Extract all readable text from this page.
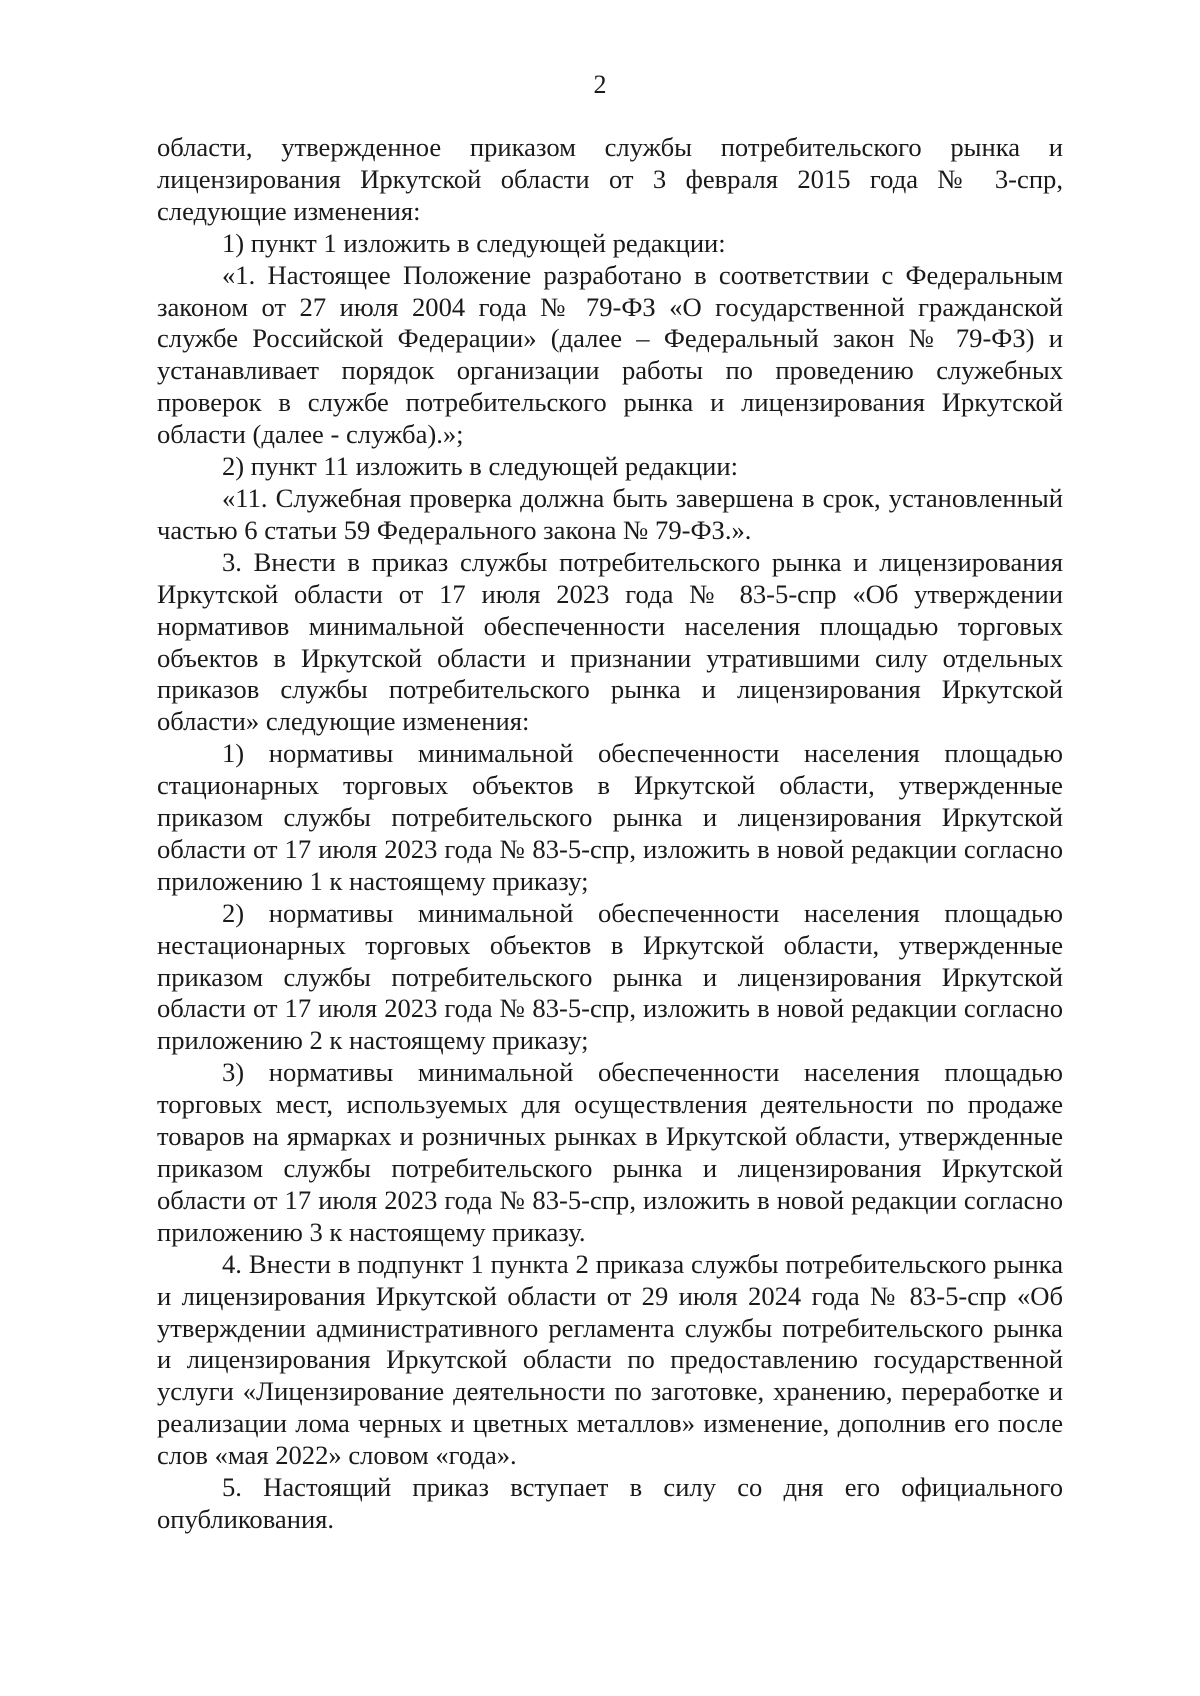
2

области, утвержденное приказом службы потребительского рынка и лицензирования Иркутской области от 3 февраля 2015 года № 3-спр, следующие изменения:

1) пункт 1 изложить в следующей редакции:

«1. Настоящее Положение разработано в соответствии с Федеральным законом от 27 июля 2004 года № 79-ФЗ «О государственной гражданской службе Российской Федерации» (далее – Федеральный закон № 79-ФЗ) и устанавливает порядок организации работы по проведению служебных проверок в службе потребительского рынка и лицензирования Иркутской области (далее - служба).»;

2) пункт 11 изложить в следующей редакции:

«11. Служебная проверка должна быть завершена в срок, установленный частью 6 статьи 59 Федерального закона № 79-ФЗ.».

3. Внести в приказ службы потребительского рынка и лицензирования Иркутской области от 17 июля 2023 года № 83-5-спр «Об утверждении нормативов минимальной обеспеченности населения площадью торговых объектов в Иркутской области и признании утратившими силу отдельных приказов службы потребительского рынка и лицензирования Иркутской области» следующие изменения:

1) нормативы минимальной обеспеченности населения площадью стационарных торговых объектов в Иркутской области, утвержденные приказом службы потребительского рынка и лицензирования Иркутской области от 17 июля 2023 года № 83-5-спр, изложить в новой редакции согласно приложению 1 к настоящему приказу;

2) нормативы минимальной обеспеченности населения площадью нестационарных торговых объектов в Иркутской области, утвержденные приказом службы потребительского рынка и лицензирования Иркутской области от 17 июля 2023 года № 83-5-спр, изложить в новой редакции согласно приложению 2 к настоящему приказу;

3) нормативы минимальной обеспеченности населения площадью торговых мест, используемых для осуществления деятельности по продаже товаров на ярмарках и розничных рынках в Иркутской области, утвержденные приказом службы потребительского рынка и лицензирования Иркутской области от 17 июля 2023 года № 83-5-спр, изложить в новой редакции согласно приложению 3 к настоящему приказу.

4. Внести в подпункт 1 пункта 2 приказа службы потребительского рынка и лицензирования Иркутской области от 29 июля 2024 года № 83-5-спр «Об утверждении административного регламента службы потребительского рынка и лицензирования Иркутской области по предоставлению государственной услуги «Лицензирование деятельности по заготовке, хранению, переработке и реализации лома черных и цветных металлов» изменение, дополнив его после слов «мая 2022» словом «года».

5. Настоящий приказ вступает в силу со дня его официального опубликования.
